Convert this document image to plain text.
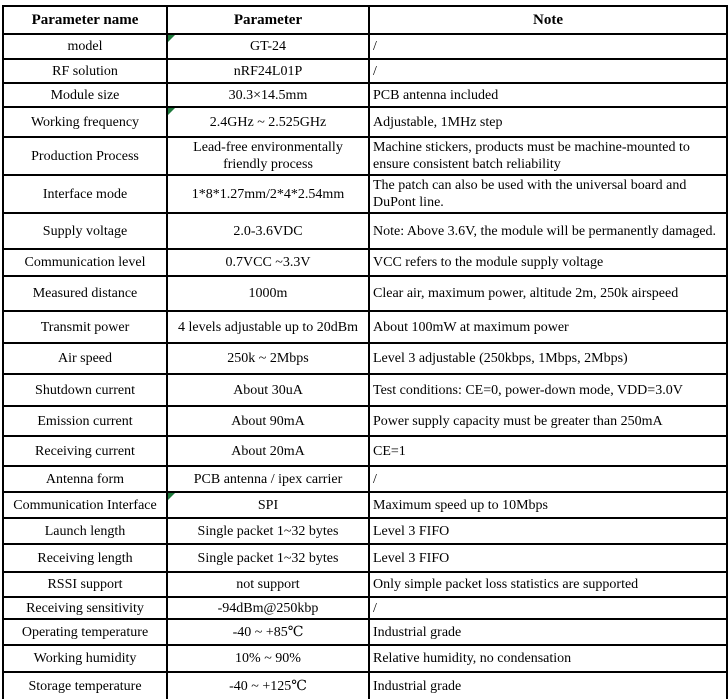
Parameter name	Parameter	Note
model	GT-24	/
RF solution	nRF24L01P	/
Module size	30.3×14.5mm	PCB antenna included
Working frequency	2.4GHz ~ 2.525GHz	Adjustable, 1MHz step
Production Process	Lead-free environmentally friendly process	Machine stickers, products must be machine-mounted to ensure consistent batch reliability
Interface mode	1*8*1.27mm/2*4*2.54mm	The patch can also be used with the universal board and DuPont line.
Supply voltage	2.0-3.6VDC	Note: Above 3.6V, the module will be permanently damaged.
Communication level	0.7VCC ~3.3V	VCC refers to the module supply voltage
Measured distance	1000m	Clear air, maximum power, altitude 2m, 250k airspeed
Transmit power	4 levels adjustable up to 20dBm	About 100mW at maximum power
Air speed	250k ~ 2Mbps	Level 3 adjustable (250kbps, 1Mbps, 2Mbps)
Shutdown current	About 30uA	Test conditions: CE=0, power-down mode, VDD=3.0V
Emission current	About 90mA	Power supply capacity must be greater than 250mA
Receiving current	About 20mA	CE=1
Antenna form	PCB antenna / ipex carrier	/
Communication Interface	SPI	Maximum speed up to 10Mbps
Launch length	Single packet 1~32 bytes	Level 3 FIFO
Receiving length	Single packet 1~32 bytes	Level 3 FIFO
RSSI support	not support	Only simple packet loss statistics are supported
Receiving sensitivity	-94dBm@250kbp	/
Operating temperature	-40 ~ +85℃	Industrial grade
Working humidity	10% ~ 90%	Relative humidity, no condensation
Storage temperature	-40 ~ +125℃	Industrial grade
